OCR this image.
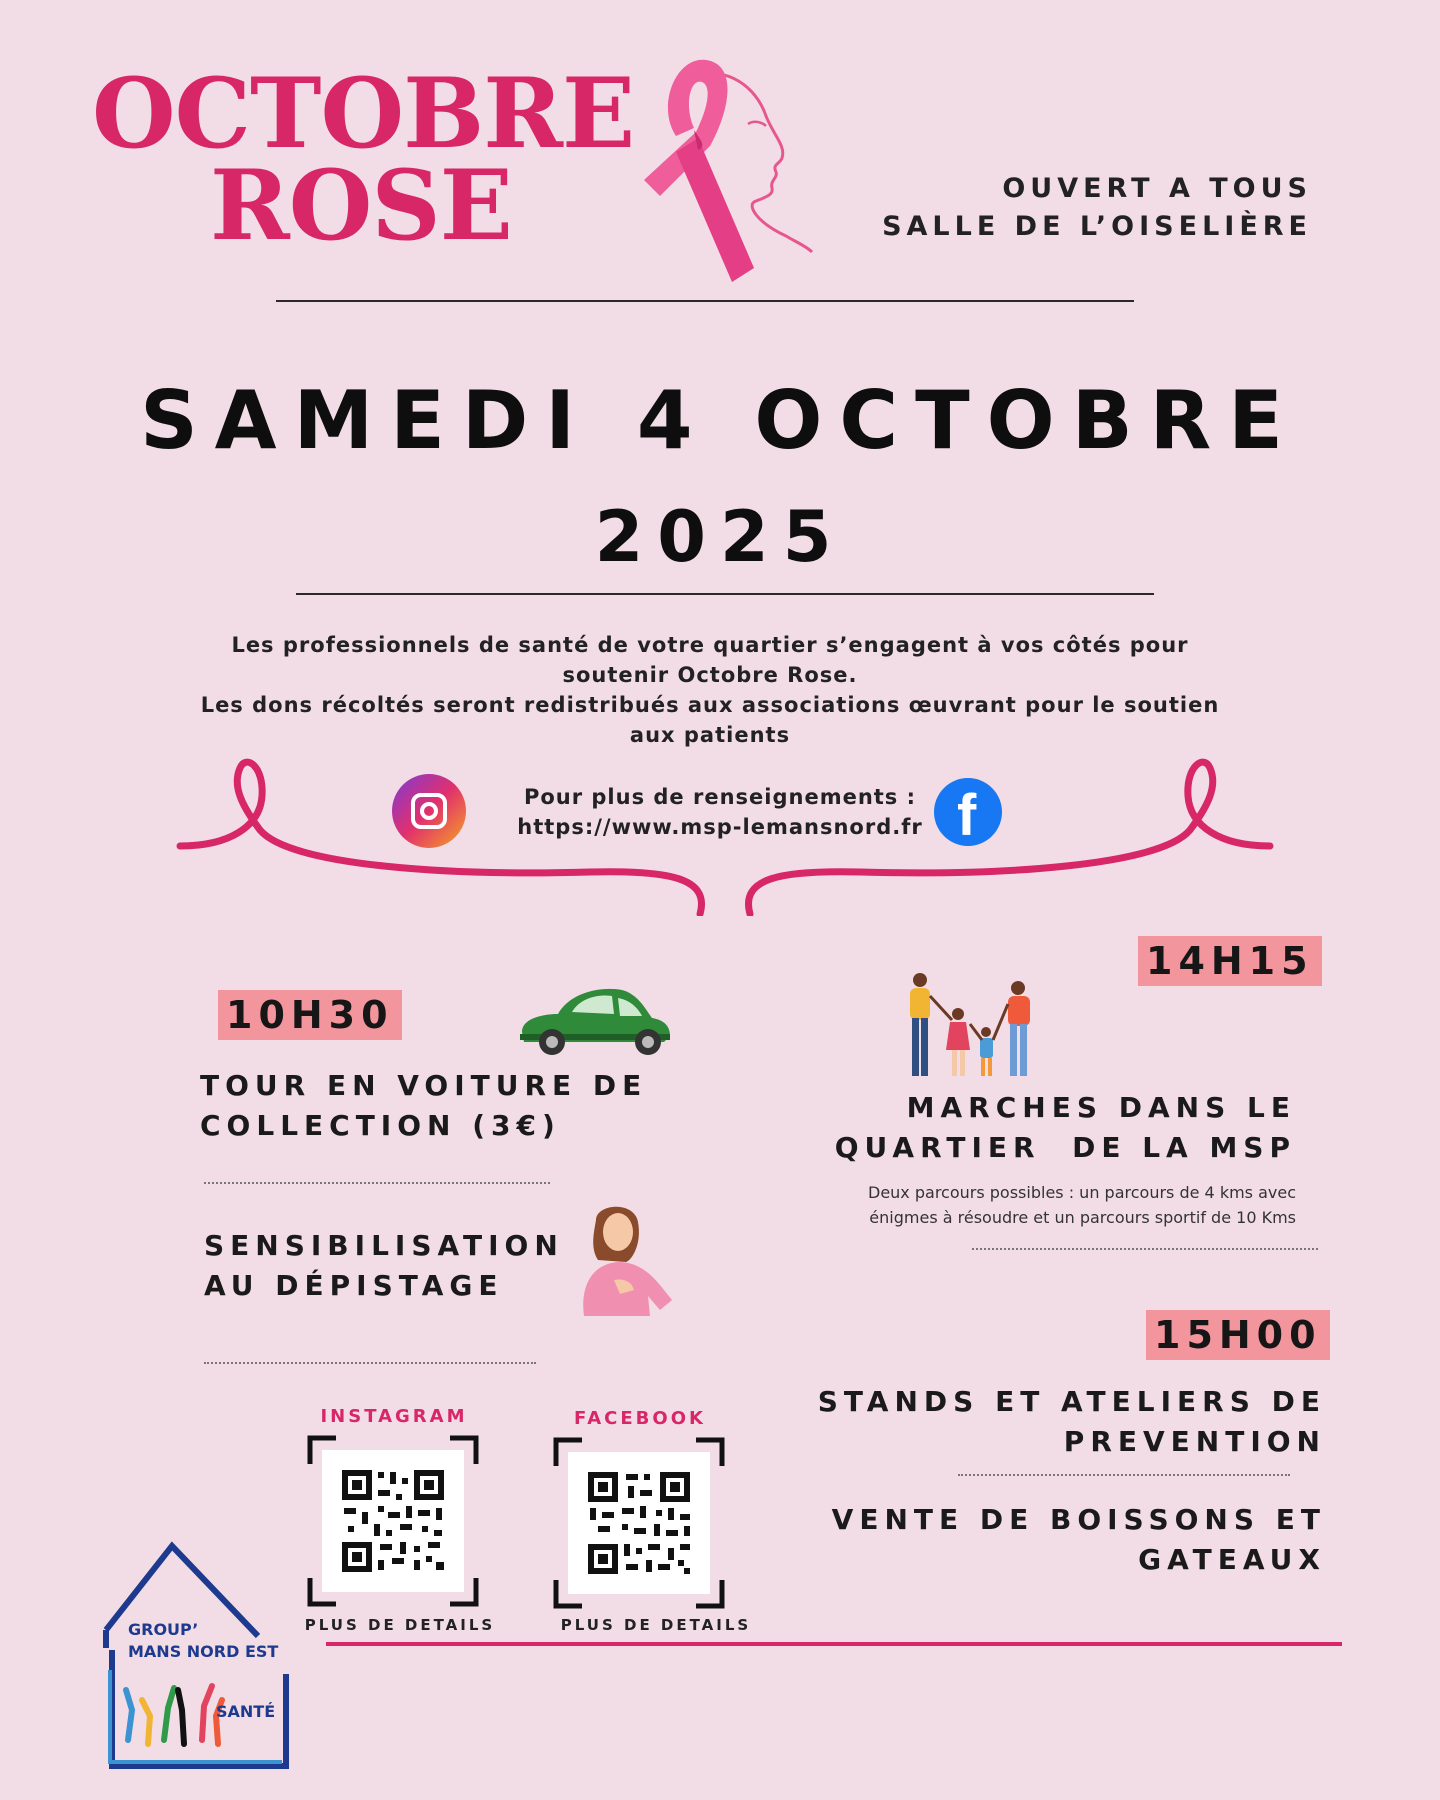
OCTOBRE
ROSE	OUVERT A TOUS
SALLE DE L’OISELIÈRE
SAMEDI 4 OCTOBRE
2025
Les professionnels de santé de votre quartier s’engagent à vos côtés pour
soutenir Octobre Rose.
Les dons récoltés seront redistribués aux associations œuvrant pour le soutien
aux patients
Pour plus de renseignements :
https://www.msp-lemansnord.fr f
10H30
TOUR EN VOITURE DE
COLLECTION (3€)
SENSIBILISATION
AU DÉPISTAGE
14H15
MARCHES DANS LE
QUARTIER  DE LA MSP
Deux parcours possibles : un parcours de 4 kms avec
énigmes à résoudre et un parcours sportif de 10 Kms
15H00
STANDS ET ATELIERS DE
PREVENTION
VENTE DE BOISSONS ET
GATEAUX
INSTAGRAM
PLUS DE DETAILS
FACEBOOK
PLUS DE DETAILS
GROUP’
MANS NORD EST
SANTÉ
